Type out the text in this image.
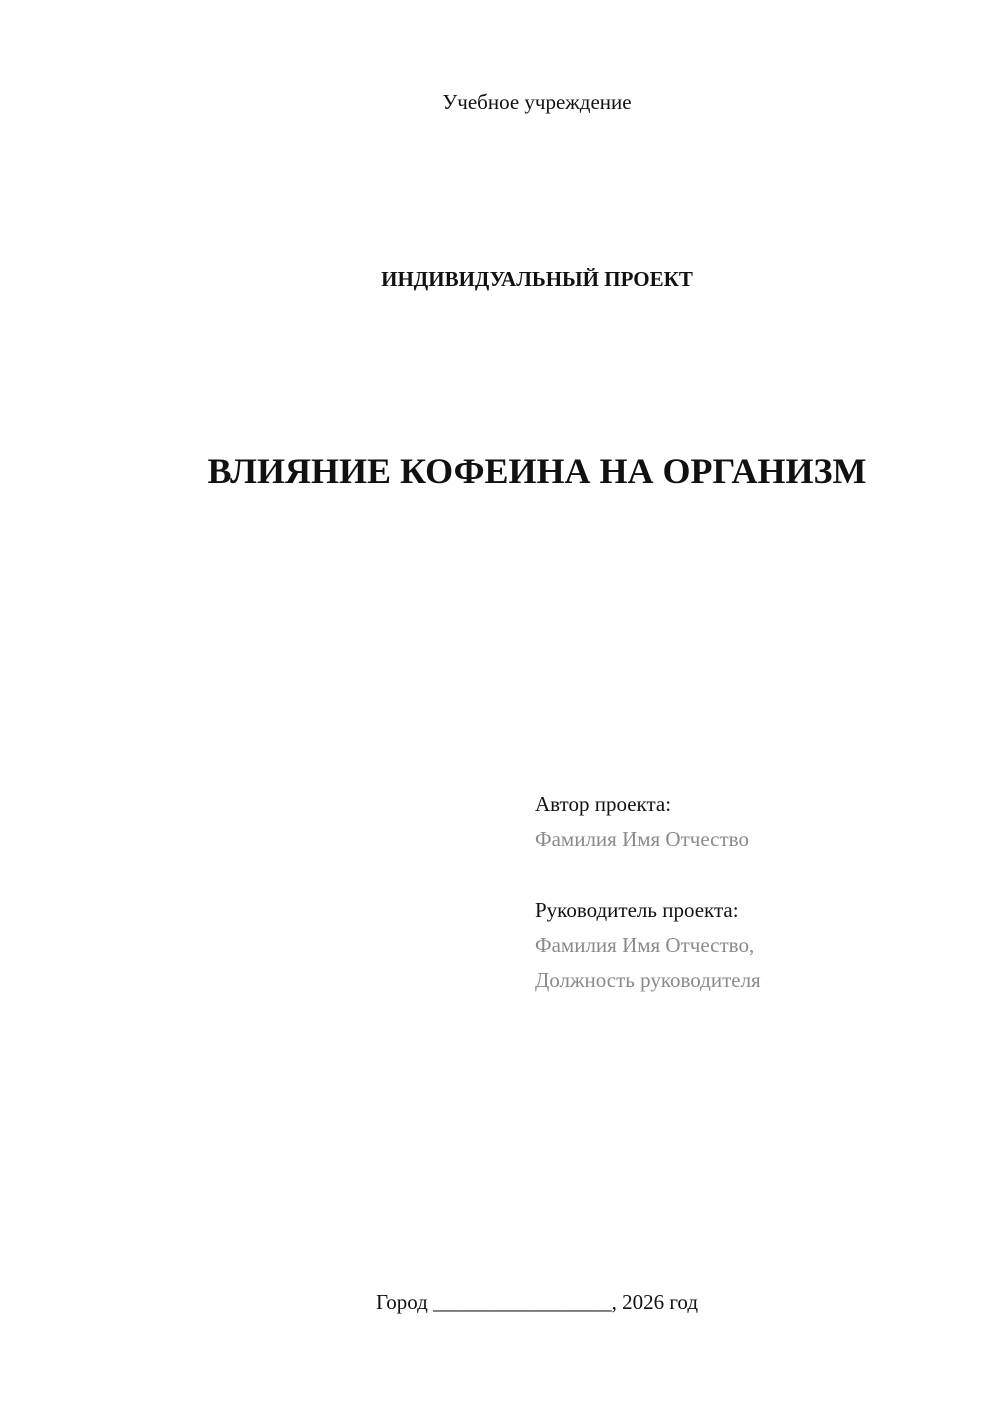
Учебное учреждение
ИНДИВИДУАЛЬНЫЙ ПРОЕКТ
ВЛИЯНИЕ КОФЕИНА НА ОРГАНИЗМ
Автор проекта:
Фамилия Имя Отчество
Руководитель проекта:
Фамилия Имя Отчество,
Должность руководителя
Город _________________, 2026 год
